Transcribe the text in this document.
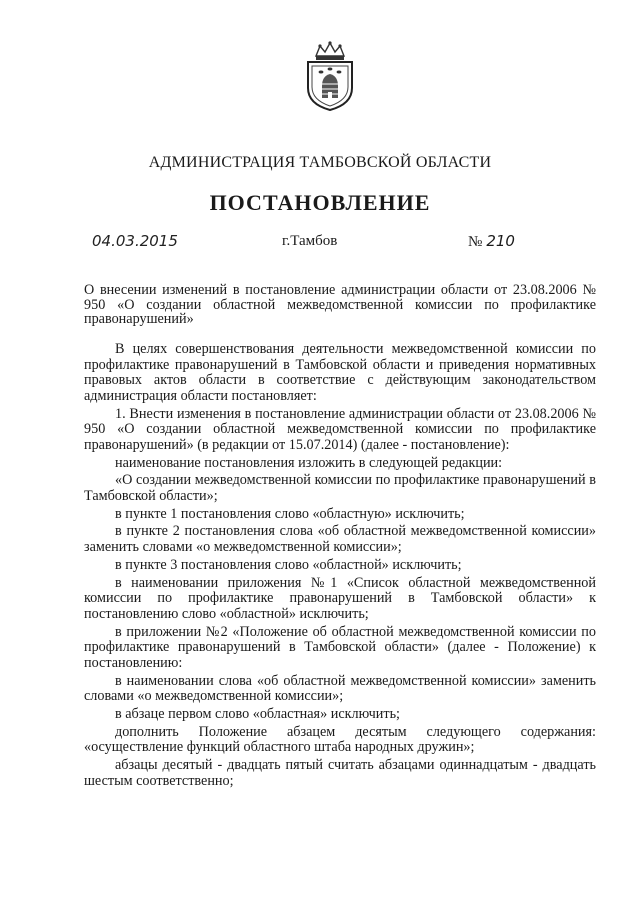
АДМИНИСТРАЦИЯ ТАМБОВСКОЙ ОБЛАСТИ
ПОСТАНОВЛЕНИЕ
04.03.2015	г.Тамбов	№ 210
О внесении изменений в постановление администрации области от 23.08.2006 № 950 «О создании областной межведомственной комиссии по профилактике правонарушений»

В целях совершенствования деятельности межведомственной комиссии по профилактике правонарушений в Тамбовской области и приведения нормативных правовых актов области в соответствие с действующим законодательством администрация области постановляет:

1. Внести изменения в постановление администрации области от 23.08.2006 № 950 «О создании областной межведомственной комиссии по профилактике правонарушений» (в редакции от 15.07.2014) (далее - постановление):

наименование постановления изложить в следующей редакции:

«О создании межведомственной комиссии по профилактике правонарушений в Тамбовской области»;

в пункте 1 постановления слово «областную» исключить;

в пункте 2 постановления слова «об областной межведомственной комиссии» заменить словами «о межведомственной комиссии»;

в пункте 3 постановления слово «областной» исключить;

в наименовании приложения №1 «Список областной межведомственной комиссии по профилактике правонарушений в Тамбовской области» к постановлению слово «областной» исключить;

в приложении №2 «Положение об областной межведомственной комиссии по профилактике правонарушений в Тамбовской области» (далее - Положение) к постановлению:

в наименовании слова «об областной межведомственной комиссии» заменить словами «о межведомственной комиссии»;

в абзаце первом слово «областная» исключить;

дополнить Положение абзацем десятым следующего содержания: «осуществление функций областного штаба народных дружин»;

абзацы десятый - двадцать пятый считать абзацами одиннадцатым - двадцать шестым соответственно;
